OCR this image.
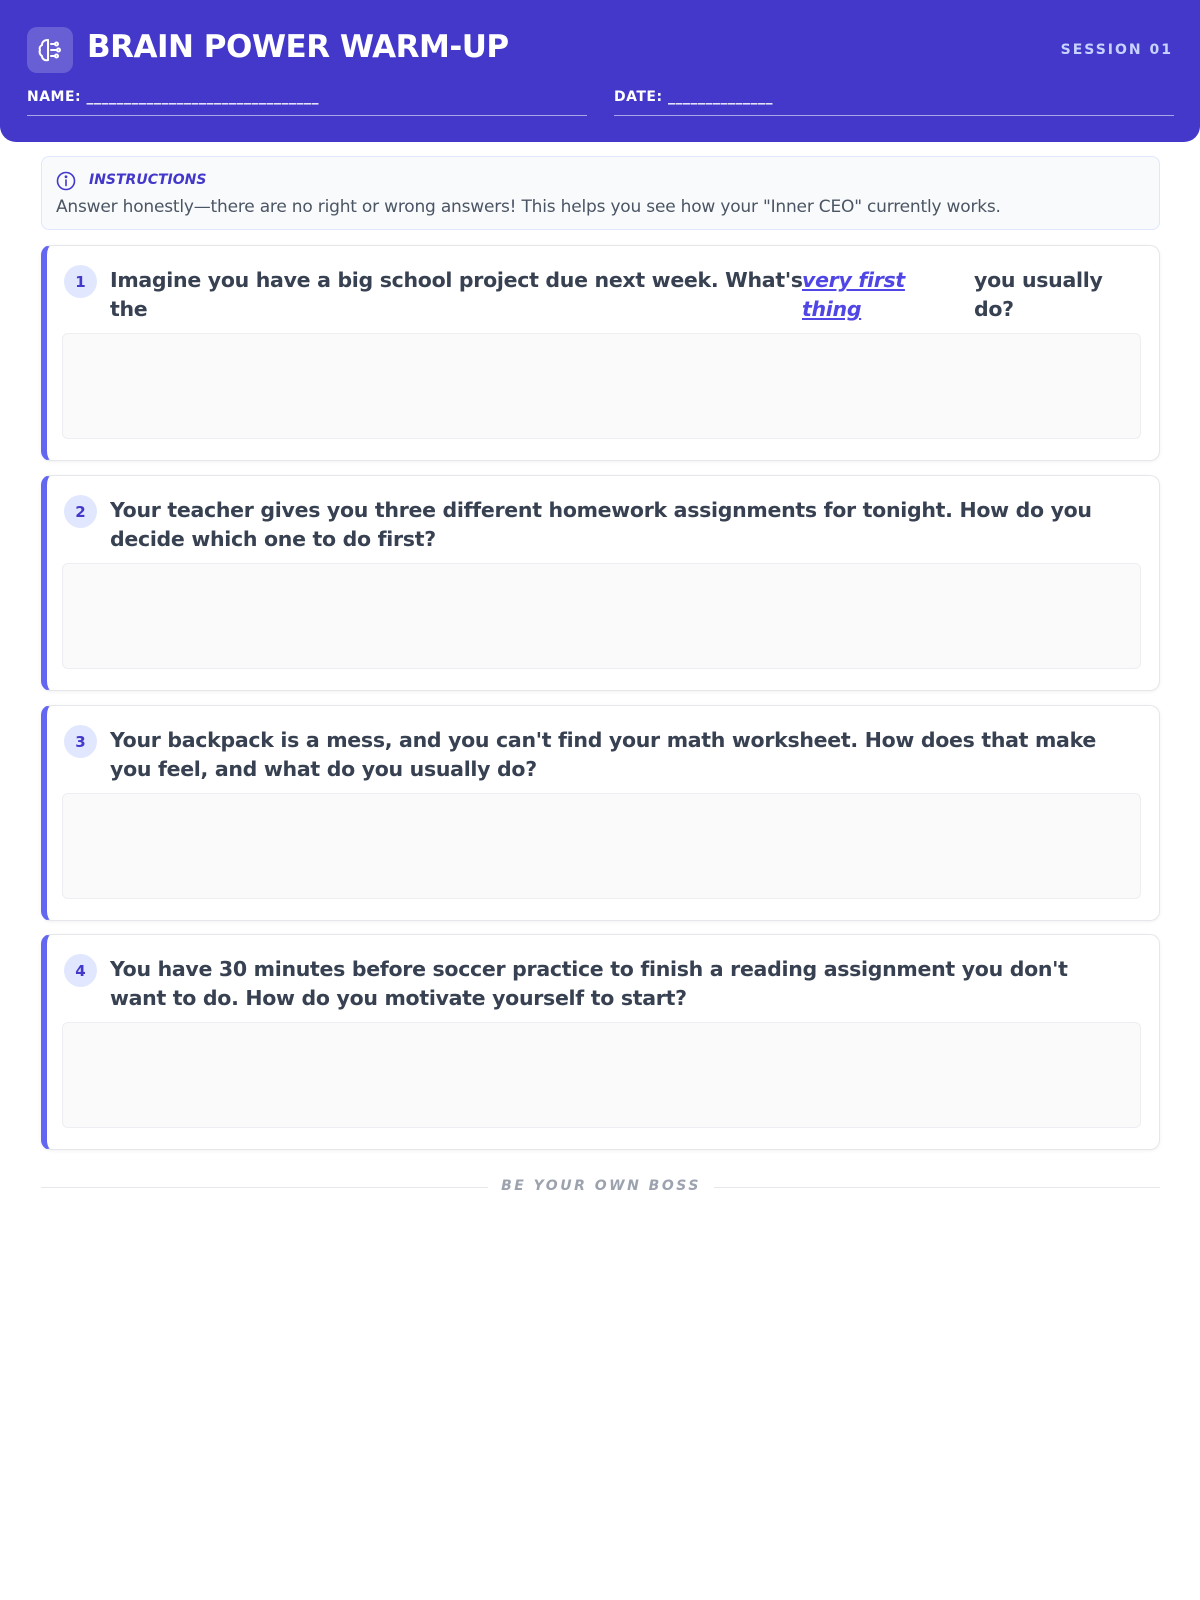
BRAIN POWER WARM-UP	SESSION 01
NAME: _______________________________	DATE: ______________
INSTRUCTIONS
Answer honestly—there are no right or wrong answers! This helps you see how your "Inner CEO" currently works.
1	Imagine you have a big school project due next week. What's
the
very first
thing
you usually
do?
2	Your teacher gives you three different homework assignments for tonight. How do you decide which one to do first?
3	Your backpack is a mess, and you can't find your math worksheet. How does that make you feel, and what do you usually do?
4	You have 30 minutes before soccer practice to finish a reading assignment you don't want to do. How do you motivate yourself to start?
BE YOUR OWN BOSS
